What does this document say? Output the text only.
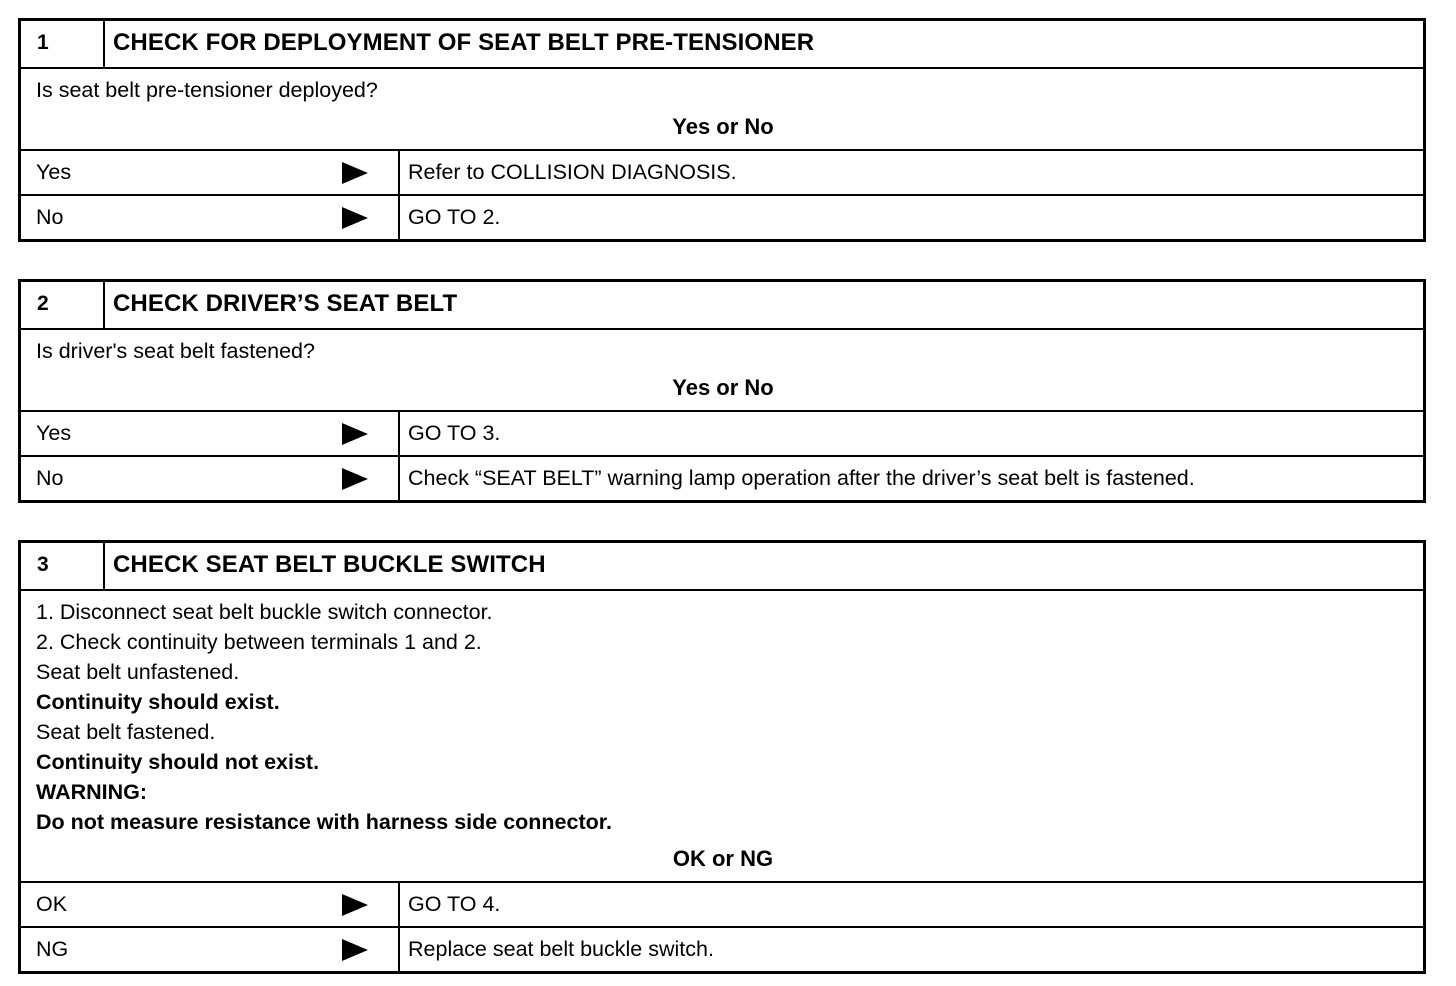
1	CHECK FOR DEPLOYMENT OF SEAT BELT PRE-TENSIONER
Is seat belt pre-tensioner deployed?
Yes or No
Yes	Refer to COLLISION DIAGNOSIS.
No	GO TO 2.
2	CHECK DRIVER’S SEAT BELT
Is driver's seat belt fastened?
Yes or No
Yes	GO TO 3.
No	Check “SEAT BELT” warning lamp operation after the driver’s seat belt is fastened.
3	CHECK SEAT BELT BUCKLE SWITCH
1. Disconnect seat belt buckle switch connector.
2. Check continuity between terminals 1 and 2.
Seat belt unfastened.
Continuity should exist.
Seat belt fastened.
Continuity should not exist.
WARNING:
Do not measure resistance with harness side connector.
OK or NG
OK	GO TO 4.
NG	Replace seat belt buckle switch.
